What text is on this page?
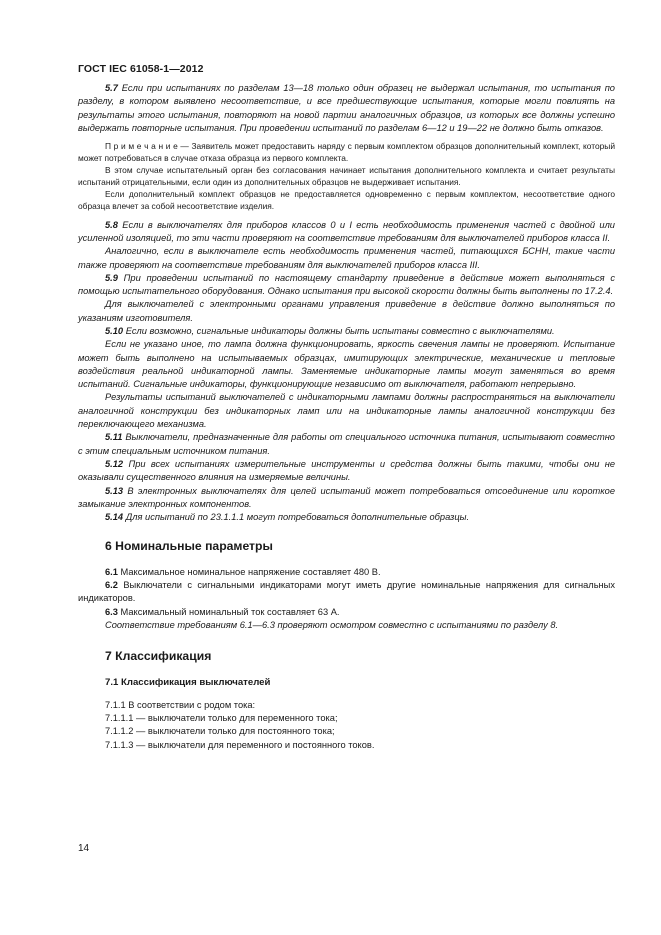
ГОСТ IEC 61058-1—2012

5.7 Если при испытаниях по разделам 13—18 только один образец не выдержал испытания, то испытания по разделу, в котором выявлено несоответствие, и все предшествующие испытания, которые могли повлиять на результаты этого испытания, повторяют на новой партии аналогичных образцов, из которых все должны успешно выдержать повторные испытания. При проведении испытаний по разделам 6—12 и 19—22 не должно быть отказов.

П р и м е ч а н и е — Заявитель может предоставить наряду с первым комплектом образцов дополнительный комплект, который может потребоваться в случае отказа образца из первого комплекта.

В этом случае испытательный орган без согласования начинает испытания дополнительного комплекта и считает результаты испытаний отрицательными, если один из дополнительных образцов не выдерживает испытания.

Если дополнительный комплект образцов не предоставляется одновременно с первым комплектом, несоответствие одного образца влечет за собой несоответствие изделия.

5.8 Если в выключателях для приборов классов 0 и I есть необходимость применения частей с двойной или усиленной изоляцией, то эти части проверяют на соответствие требованиям для выключателей приборов класса II.

Аналогично, если в выключателе есть необходимость применения частей, питающихся БСНН, такие части также проверяют на соответствие требованиям для выключателей приборов класса III.

5.9 При проведении испытаний по настоящему стандарту приведение в действие может выполняться с помощью испытательного оборудования. Однако испытания при высокой скорости должны быть выполнены по 17.2.4.

Для выключателей с электронными органами управления приведение в действие должно выполняться по указаниям изготовителя.

5.10 Если возможно, сигнальные индикаторы должны быть испытаны совместно с выключателями.

Если не указано иное, то лампа должна функционировать, яркость свечения лампы не проверяют. Испытание может быть выполнено на испытываемых образцах, имитирующих электрические, механические и тепловые воздействия реальной индикаторной лампы. Заменяемые индикаторные лампы могут заменяться во время испытаний. Сигнальные индикаторы, функционирующие независимо от выключателя, работают непрерывно.

Результаты испытаний выключателей с индикаторными лампами должны распространяться на выключатели аналогичной конструкции без индикаторных ламп или на индикаторные лампы аналогичной конструкции без переключающего механизма.

5.11 Выключатели, предназначенные для работы от специального источника питания, испытывают совместно с этим специальным источником питания.

5.12 При всех испытаниях измерительные инструменты и средства должны быть такими, чтобы они не оказывали существенного влияния на измеряемые величины.

5.13 В электронных выключателях для целей испытаний может потребоваться отсоединение или короткое замыкание электронных компонентов.

5.14 Для испытаний по 23.1.1.1 могут потребоваться дополнительные образцы.

6 Номинальные параметры

6.1 Максимальное номинальное напряжение составляет 480 В.

6.2 Выключатели с сигнальными индикаторами могут иметь другие номинальные напряжения для сигнальных индикаторов.

6.3 Максимальный номинальный ток составляет 63 А.

Соответствие требованиям 6.1—6.3 проверяют осмотром совместно с испытаниями по разделу 8.

7 Классификация
7.1 Классификация выключателей

7.1.1 В соответствии с родом тока:

7.1.1.1 — выключатели только для переменного тока;

7.1.1.2 — выключатели только для постоянного тока;

7.1.1.3 — выключатели для переменного и постоянного токов.

14
